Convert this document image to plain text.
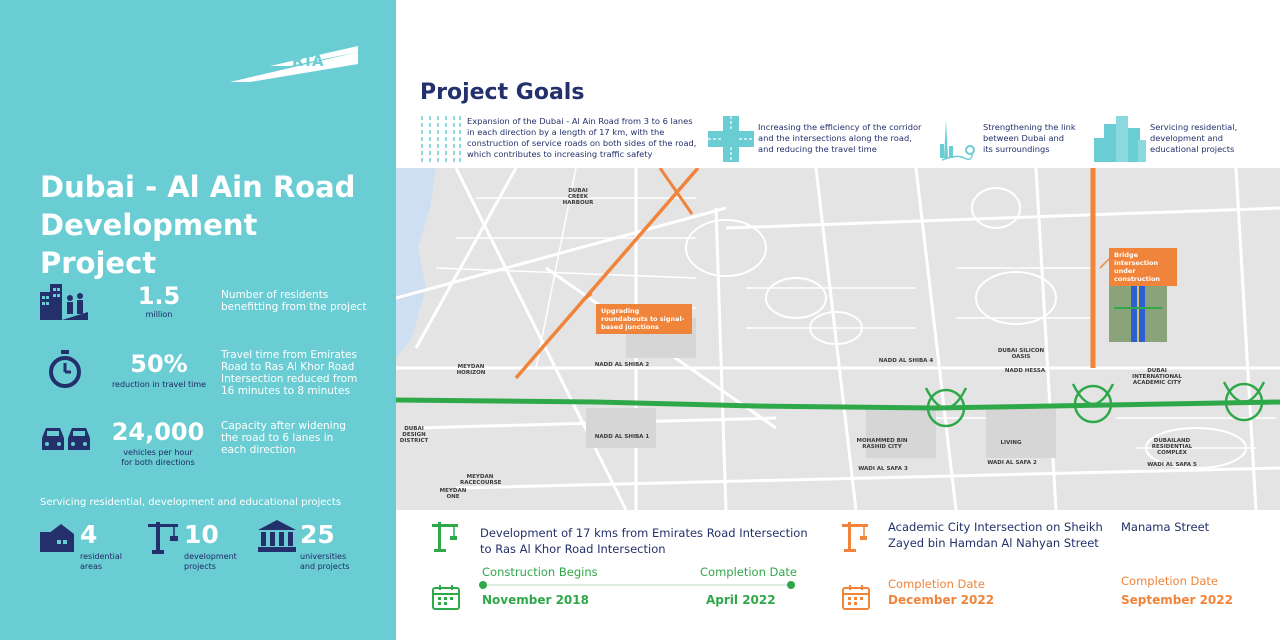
RTA
Dubai - Al Ain Road
Development Project
1.5
million
Number of residents
benefitting from the project
50%
reduction in travel time
Travel time from Emirates
Road to Ras Al Khor Road
Intersection reduced from
16 minutes to 8 minutes
24,000
vehicles per hour
for both directions
Capacity after widening
the road to 6 lanes in
each direction
Servicing residential, development and educational projects
4
residential
areas
10
development
projects
25
universities
and projects
Project Goals
Expansion of the Dubai - Al Ain Road from 3 to 6 lanes
in each direction by a length of 17 km, with the
construction of service roads on both sides of the road,
which contributes to increasing traffic safety
Increasing the efficiency of the corridor
and the intersections along the road,
and reducing the travel time
Strengthening the link
between Dubai and
its surroundings
Servicing residential,
development and
educational projects
Upgrading roundabouts to signal-based junctions
Bridge intersection under construction
DUBAI CREEK HARBOUR
MEYDAN HORIZON
NADD AL SHIBA 2
NADD AL SHIBA 4
DUBAI SILICON OASIS
NADD HESSA	DUBAI INTERNATIONAL ACADEMIC CITY
DUBAI DESIGN DISTRICT
NADD AL SHIBA 1
MOHAMMED BIN RASHID CITY
WADI AL SAFA 3
LIVING
WADI AL SAFA 2
DUBAILAND RESIDENTIAL COMPLEX
WADI AL SAFA 5
MEYDAN RACECOURSE
MEYDAN ONE
Development of 17 kms from Emirates Road Intersection
to Ras Al Khor Road Intersection
Construction Begins	Completion Date
November 2018	April 2022
Academic City Intersection on Sheikh
Zayed bin Hamdan Al Nahyan Street
Completion Date
December 2022
Manama Street
Completion Date
September 2022
